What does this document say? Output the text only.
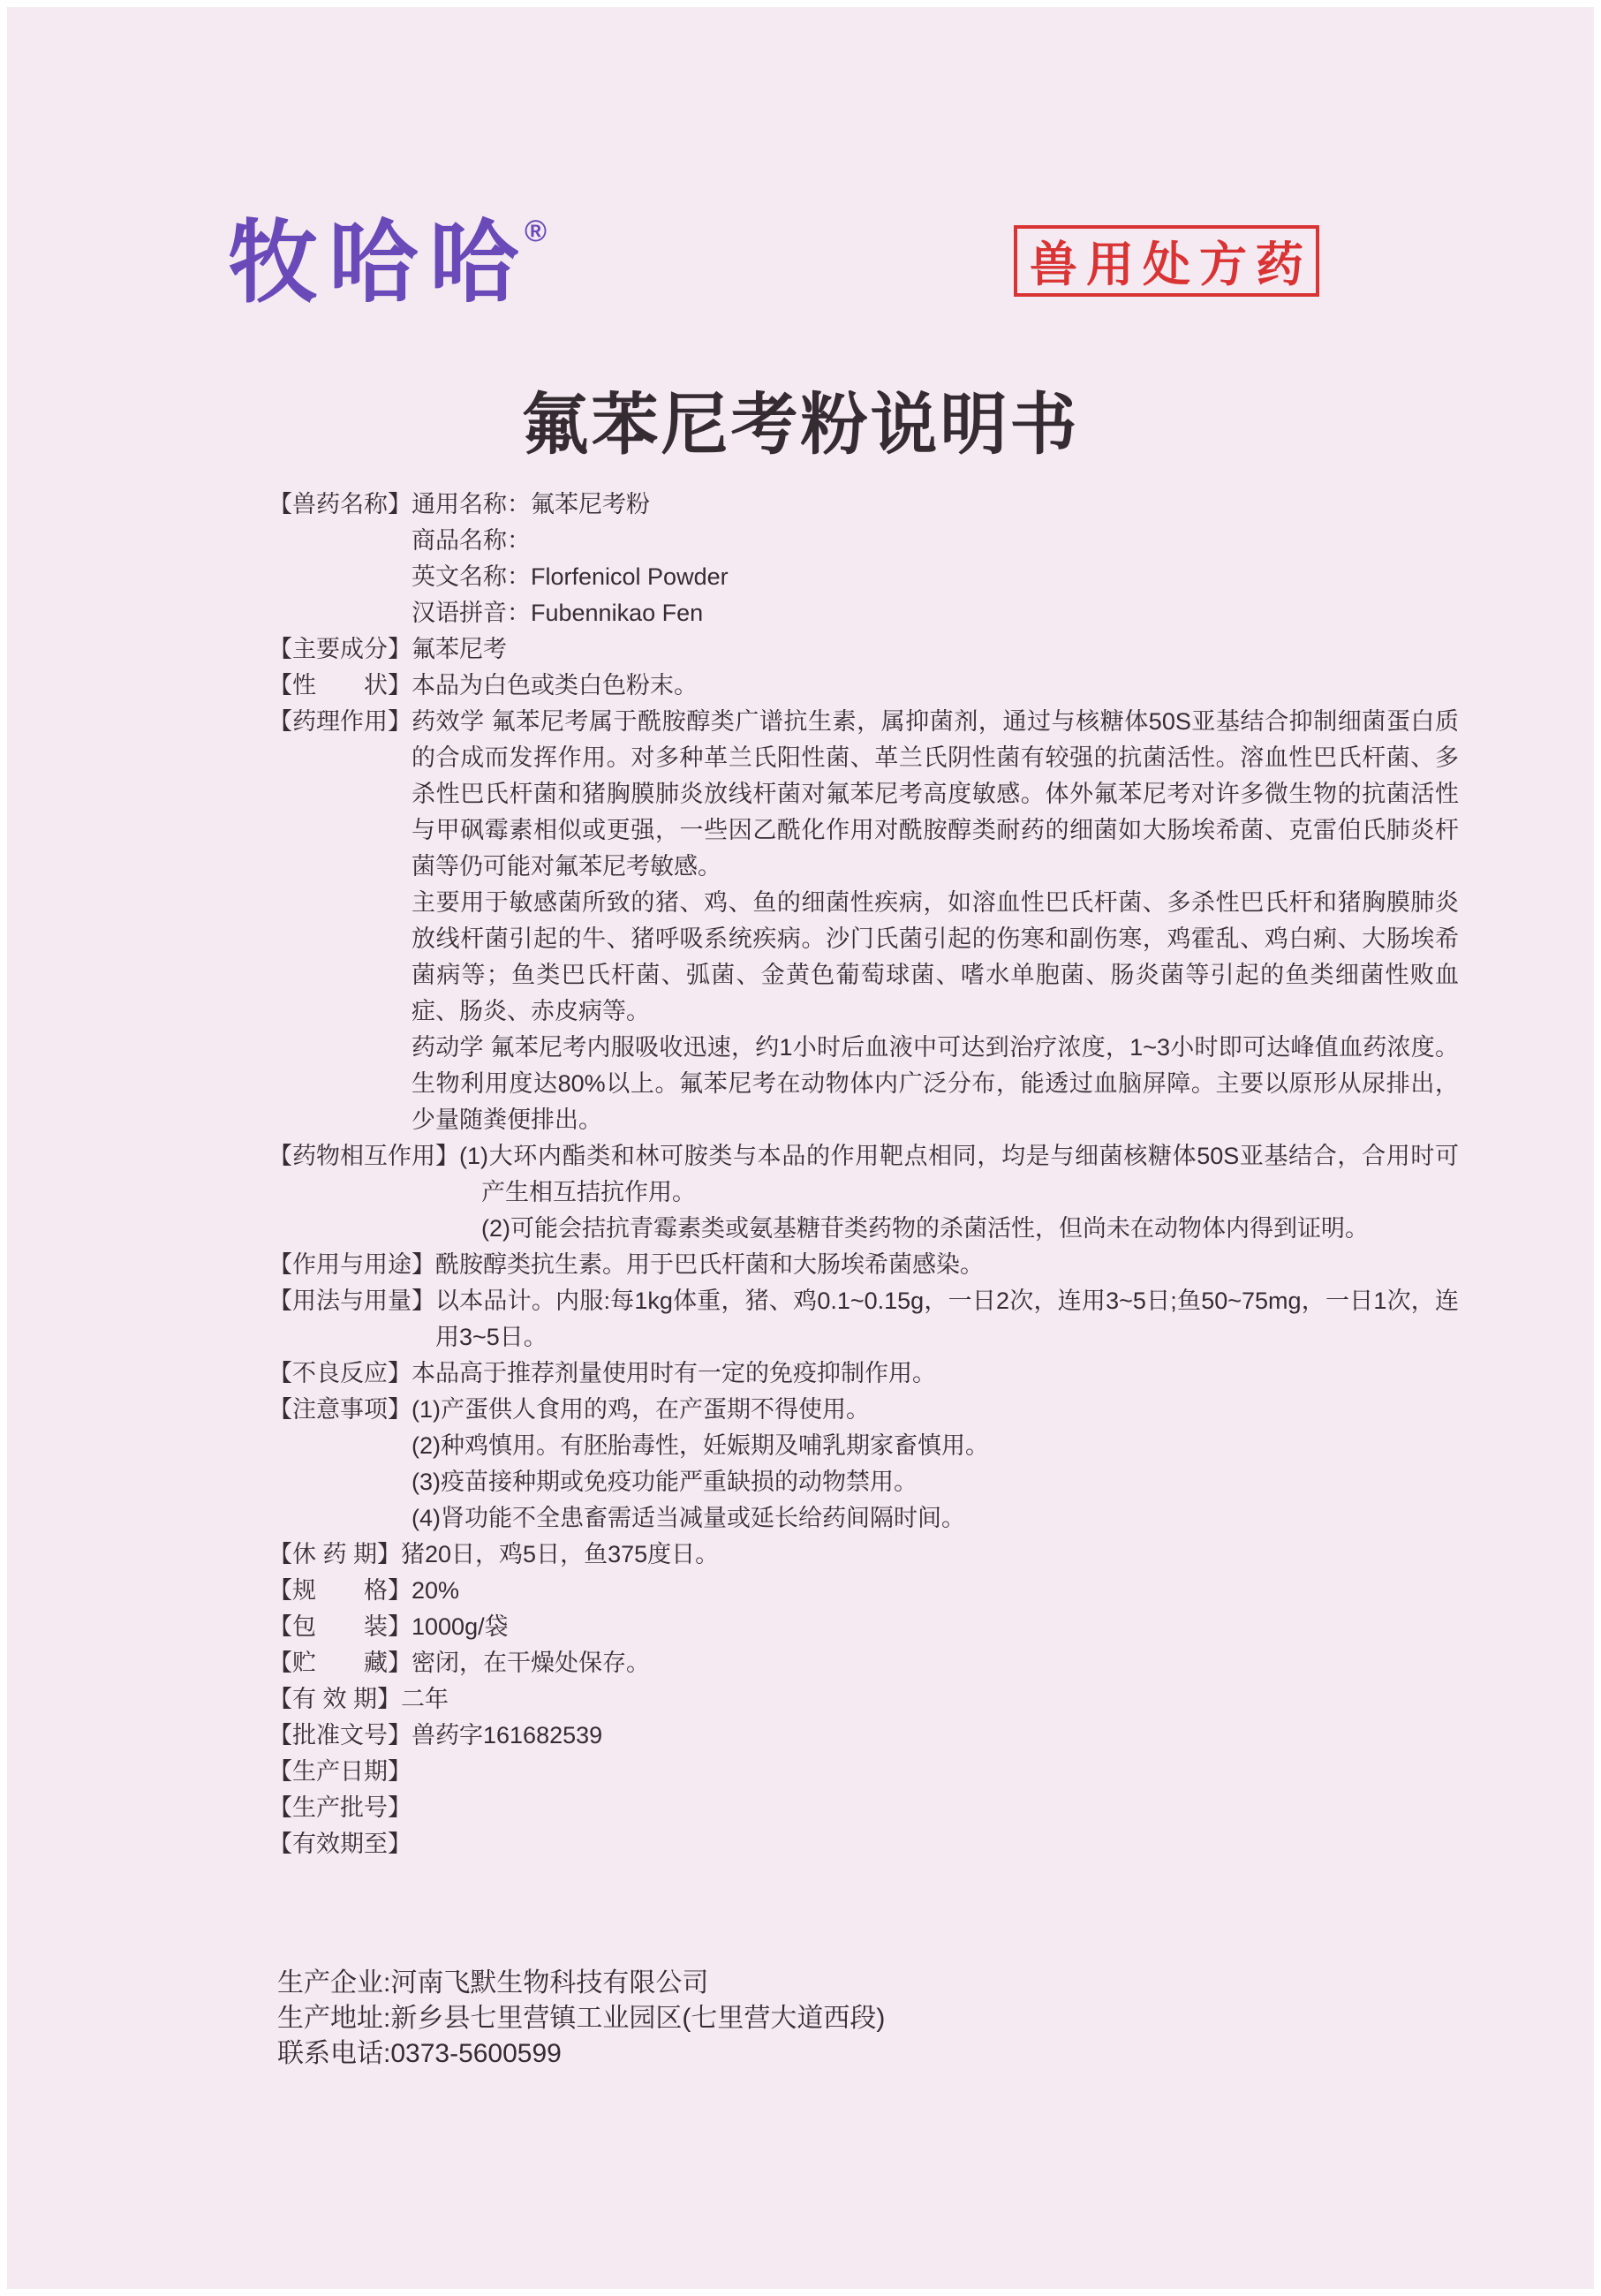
牧哈哈®
兽用处方药
氟苯尼考粉说明书
【兽药名称】 通用名称：氟苯尼考粉
商品名称：
英文名称：Florfenicol Powder
汉语拼音：Fubennikao Fen
【主要成分】 氟苯尼考
【性　　状】 本品为白色或类白色粉末。
【药理作用】 药效学 氟苯尼考属于酰胺醇类广谱抗生素，属抑菌剂，通过与核糖体50S亚基结合抑制细菌蛋白质的合成而发挥作用。对多种革兰氏阳性菌、革兰氏阴性菌有较强的抗菌活性。溶血性巴氏杆菌、多杀性巴氏杆菌和猪胸膜肺炎放线杆菌对氟苯尼考高度敏感。体外氟苯尼考对许多微生物的抗菌活性与甲砜霉素相似或更强，一些因乙酰化作用对酰胺醇类耐药的细菌如大肠埃希菌、克雷伯氏肺炎杆菌等仍可能对氟苯尼考敏感。
主要用于敏感菌所致的猪、鸡、鱼的细菌性疾病，如溶血性巴氏杆菌、多杀性巴氏杆和猪胸膜肺炎放线杆菌引起的牛、猪呼吸系统疾病。沙门氏菌引起的伤寒和副伤寒，鸡霍乱、鸡白痢、大肠埃希菌病等；鱼类巴氏杆菌、弧菌、金黄色葡萄球菌、嗜水单胞菌、肠炎菌等引起的鱼类细菌性败血症、肠炎、赤皮病等。
药动学 氟苯尼考内服吸收迅速，约1小时后血液中可达到治疗浓度，1~3小时即可达峰值血药浓度。生物利用度达80%以上。氟苯尼考在动物体内广泛分布，能透过血脑屏障。主要以原形从尿排出，少量随粪便排出。
【药物相互作用】 (1)大环内酯类和林可胺类与本品的作用靶点相同，均是与细菌核糖体50S亚基结合，合用时可产生相互拮抗作用。
(2)可能会拮抗青霉素类或氨基糖苷类药物的杀菌活性，但尚未在动物体内得到证明。
【作用与用途】 酰胺醇类抗生素。用于巴氏杆菌和大肠埃希菌感染。
【用法与用量】 以本品计。内服:每1kg体重，猪、鸡0.1~0.15g，一日2次，连用3~5日;鱼50~75mg，一日1次，连用3~5日。
【不良反应】 本品高于推荐剂量使用时有一定的免疫抑制作用。
【注意事项】 (1)产蛋供人食用的鸡，在产蛋期不得使用。
(2)种鸡慎用。有胚胎毒性，妊娠期及哺乳期家畜慎用。
(3)疫苗接种期或免疫功能严重缺损的动物禁用。
(4)肾功能不全患畜需适当减量或延长给药间隔时间。
【休 药 期】 猪20日，鸡5日，鱼375度日。
【规　　格】 20%
【包　　装】 1000g/袋
【贮　　藏】 密闭，在干燥处保存。
【有 效 期】 二年
【批准文号】 兽药字161682539
【生产日期】
【生产批号】
【有效期至】
生产企业:河南飞默生物科技有限公司
生产地址:新乡县七里营镇工业园区(七里营大道西段)
联系电话:0373-5600599
